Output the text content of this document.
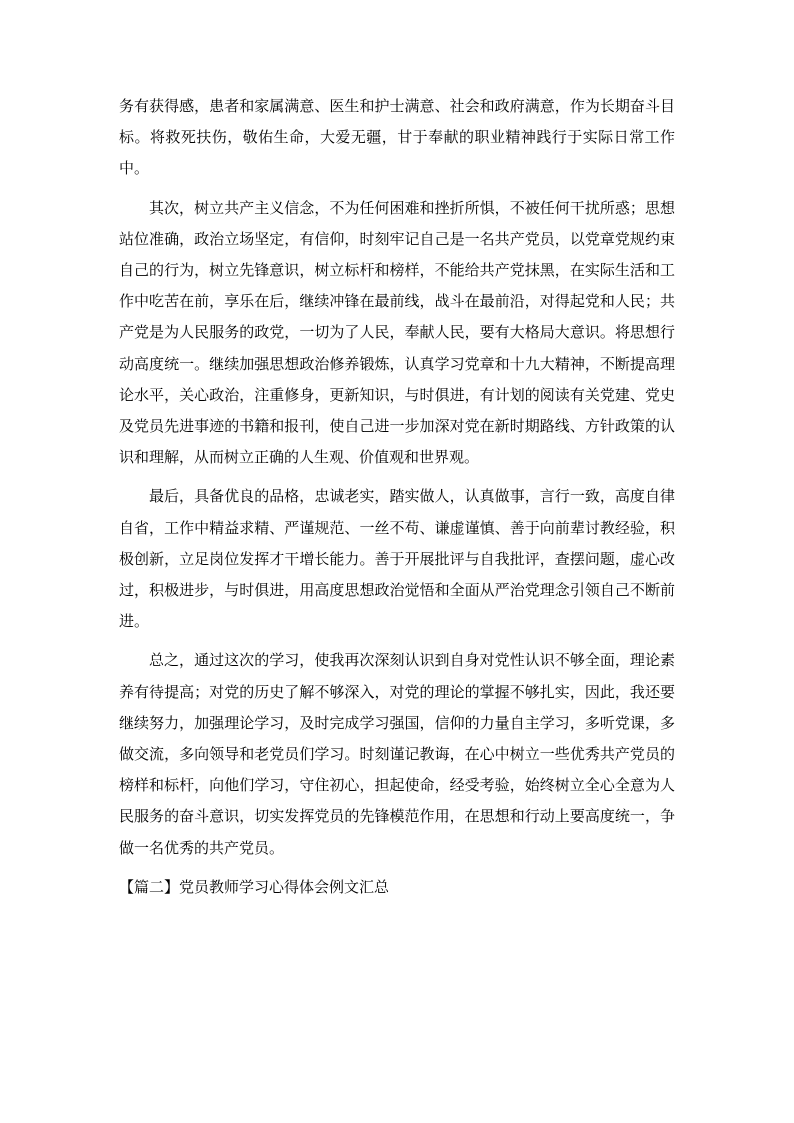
务有获得感，患者和家属满意、医生和护士满意、社会和政府满意，作为长期奋斗目标。将救死扶伤，敬佑生命，大爱无疆，甘于奉献的职业精神践行于实际日常工作中。

其次，树立共产主义信念，不为任何困难和挫折所惧，不被任何干扰所惑；思想站位准确，政治立场坚定，有信仰，时刻牢记自己是一名共产党员，以党章党规约束自己的行为，树立先锋意识，树立标杆和榜样，不能给共产党抹黑，在实际生活和工作中吃苦在前，享乐在后，继续冲锋在最前线，战斗在最前沿，对得起党和人民；共产党是为人民服务的政党，一切为了人民，奉献人民，要有大格局大意识。将思想行动高度统一。继续加强思想政治修养锻炼，认真学习党章和十九大精神，不断提高理论水平，关心政治，注重修身，更新知识，与时俱进，有计划的阅读有关党建、党史及党员先进事迹的书籍和报刊，使自己进一步加深对党在新时期路线、方针政策的认识和理解，从而树立正确的人生观、价值观和世界观。

最后，具备优良的品格，忠诚老实，踏实做人，认真做事，言行一致，高度自律自省，工作中精益求精、严谨规范、一丝不苟、谦虚谨慎、善于向前辈讨教经验，积极创新，立足岗位发挥才干增长能力。善于开展批评与自我批评，查摆问题，虚心改过，积极进步，与时俱进，用高度思想政治觉悟和全面从严治党理念引领自己不断前进。

总之，通过这次的学习，使我再次深刻认识到自身对党性认识不够全面，理论素养有待提高；对党的历史了解不够深入，对党的理论的掌握不够扎实，因此，我还要继续努力，加强理论学习，及时完成学习强国，信仰的力量自主学习，多听党课，多做交流，多向领导和老党员们学习。时刻谨记教诲，在心中树立一些优秀共产党员的榜样和标杆，向他们学习，守住初心，担起使命，经受考验，始终树立全心全意为人民服务的奋斗意识，切实发挥党员的先锋模范作用，在思想和行动上要高度统一，争做一名优秀的共产党员。

【篇二】党员教师学习心得体会例文汇总
